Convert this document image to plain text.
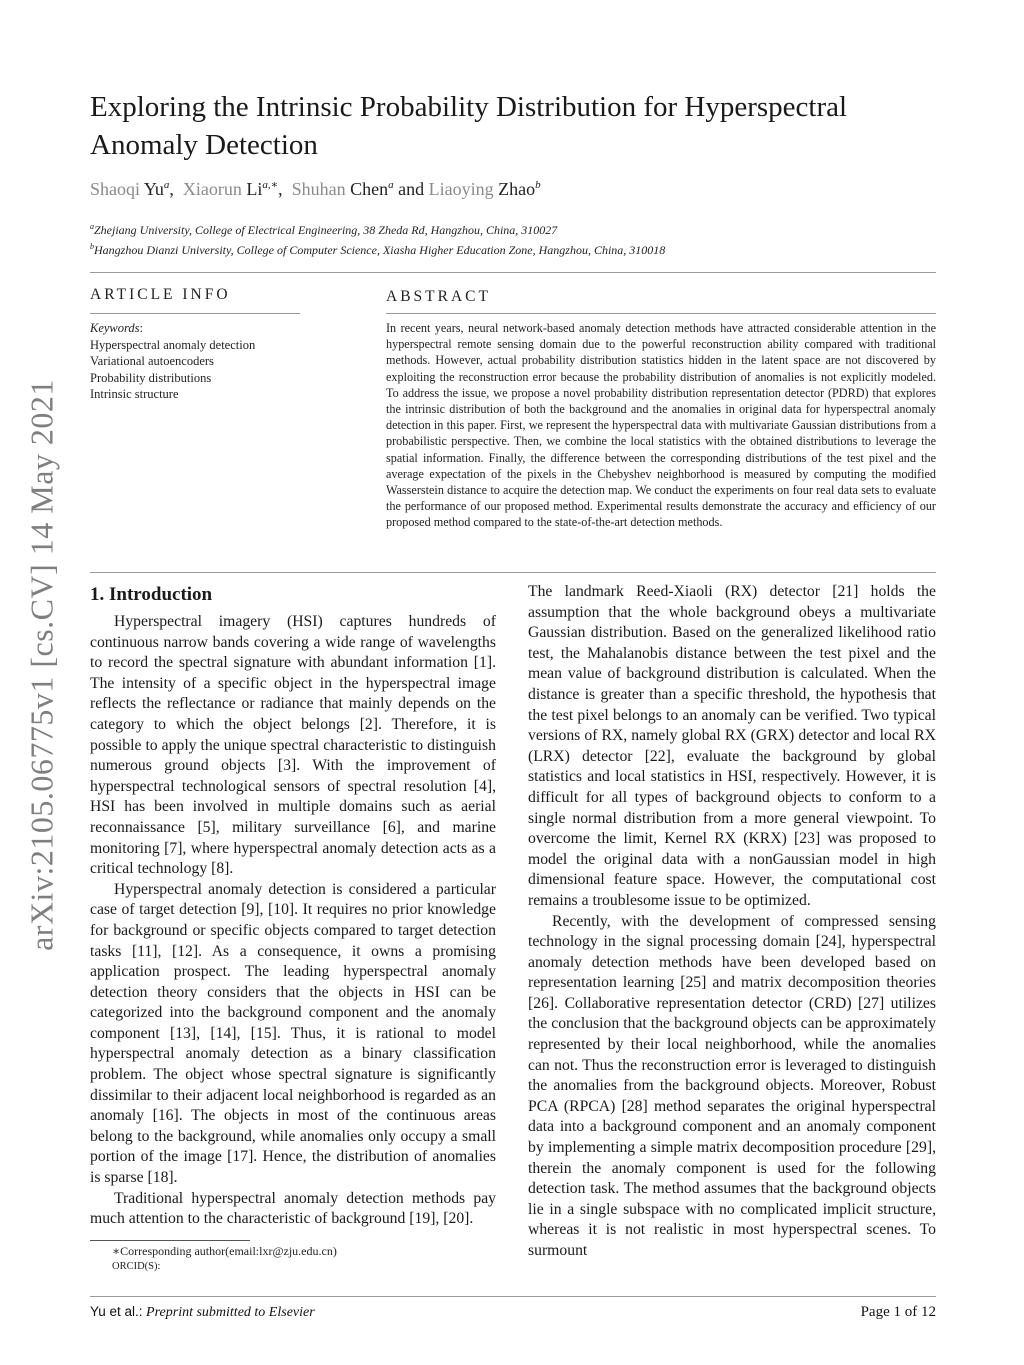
arXiv:2105.06775v1 [cs.CV] 14 May 2021
Exploring the Intrinsic Probability Distribution for Hyperspectral Anomaly Detection
Shaoqi Yu$^a$,  Xiaorun $Li^{a,∗}$,  Shuhan Chen$^a$ and Liaoying Zhao$^b$
$^a$Zhejiang University, College of Electrical Engineering, 38 Zheda Rd, Hangzhou, China, 310027
$^b$Hangzhou Dianzi University, College of Computer Science, Xiasha Higher Education Zone, Hangzhou, China, 310018
ARTICLE INFO	ABSTRACT
Keywords:
Hyperspectral anomaly detection
Variational autoencoders
Probability distributions
Intrinsic structure
In recent years, neural network-based anomaly detection methods have attracted considerable attention in the hyperspectral remote sensing domain due to the powerful reconstruction ability compared with traditional methods. However, actual probability distribution statistics hidden in the latent space are not discovered by exploiting the reconstruction error because the probability distribution of anomalies is not explicitly modeled. To address the issue, we propose a novel probability distribution representation detector (PDRD) that explores the intrinsic distribution of both the background and the anomalies in original data for hyperspectral anomaly detection in this paper. First, we represent the hyperspectral data with multivariate Gaussian distributions from a probabilistic perspective. Then, we combine the local statistics with the obtained distributions to leverage the spatial information. Finally, the difference between the corresponding distributions of the test pixel and the average expectation of the pixels in the Chebyshev neighborhood is measured by computing the modified Wasserstein distance to acquire the detection map. We conduct the experiments on four real data sets to evaluate the performance of our proposed method. Experimental results demonstrate the accuracy and efficiency of our proposed method compared to the state-of-the-art detection methods.
1. Introduction

Hyperspectral imagery (HSI) captures hundreds of continuous narrow bands covering a wide range of wavelengths to record the spectral signature with abundant information [1]. The intensity of a specific object in the hyperspectral image reflects the reflectance or radiance that mainly depends on the category to which the object belongs [2]. Therefore, it is possible to apply the unique spectral characteristic to distinguish numerous ground objects [3]. With the improvement of hyperspectral technological sensors of spectral resolution [4], HSI has been involved in multiple domains such as aerial reconnaissance [5], military surveillance [6], and marine monitoring [7], where hyperspectral anomaly detection acts as a critical technology [8].

Hyperspectral anomaly detection is considered a particular case of target detection [9], [10]. It requires no prior knowledge for background or specific objects compared to target detection tasks [11], [12]. As a consequence, it owns a promising application prospect. The leading hyperspectral anomaly detection theory considers that the objects in HSI can be categorized into the background component and the anomaly component [13], [14], [15]. Thus, it is rational to model hyperspectral anomaly detection as a binary classification problem. The object whose spectral signature is significantly dissimilar to their adjacent local neighborhood is regarded as an anomaly [16]. The objects in most of the continuous areas belong to the background, while anomalies only occupy a small portion of the image [17]. Hence, the distribution of anomalies is sparse [18].

Traditional hyperspectral anomaly detection methods pay much attention to the characteristic of background [19], [20].

∗Corresponding author(email:lxr@zju.edu.cn)
ORCID(S):

The landmark Reed-Xiaoli (RX) detector [21] holds the assumption that the whole background obeys a multivariate Gaussian distribution. Based on the generalized likelihood ratio test, the Mahalanobis distance between the test pixel and the mean value of background distribution is calculated. When the distance is greater than a specific threshold, the hypothesis that the test pixel belongs to an anomaly can be verified. Two typical versions of RX, namely global RX (GRX) detector and local RX (LRX) detector [22], evaluate the background by global statistics and local statistics in HSI, respectively. However, it is difficult for all types of background objects to conform to a single normal distribution from a more general viewpoint. To overcome the limit, Kernel RX (KRX) [23] was proposed to model the original data with a nonGaussian model in high dimensional feature space. However, the computational cost remains a troublesome issue to be optimized.

Recently, with the development of compressed sensing technology in the signal processing domain [24], hyperspectral anomaly detection methods have been developed based on representation learning [25] and matrix decomposition theories [26]. Collaborative representation detector (CRD) [27] utilizes the conclusion that the background objects can be approximately represented by their local neighborhood, while the anomalies can not. Thus the reconstruction error is leveraged to distinguish the anomalies from the background objects. Moreover, Robust PCA (RPCA) [28] method separates the original hyperspectral data into a background component and an anomaly component by implementing a simple matrix decomposition procedure [29], therein the anomaly component is used for the following detection task. The method assumes that the background objects lie in a single subspace with no complicated implicit structure, whereas it is not realistic in most hyperspectral scenes. To surmount

Yu et al.: Preprint submitted to Elsevier	Page 1 of 12
